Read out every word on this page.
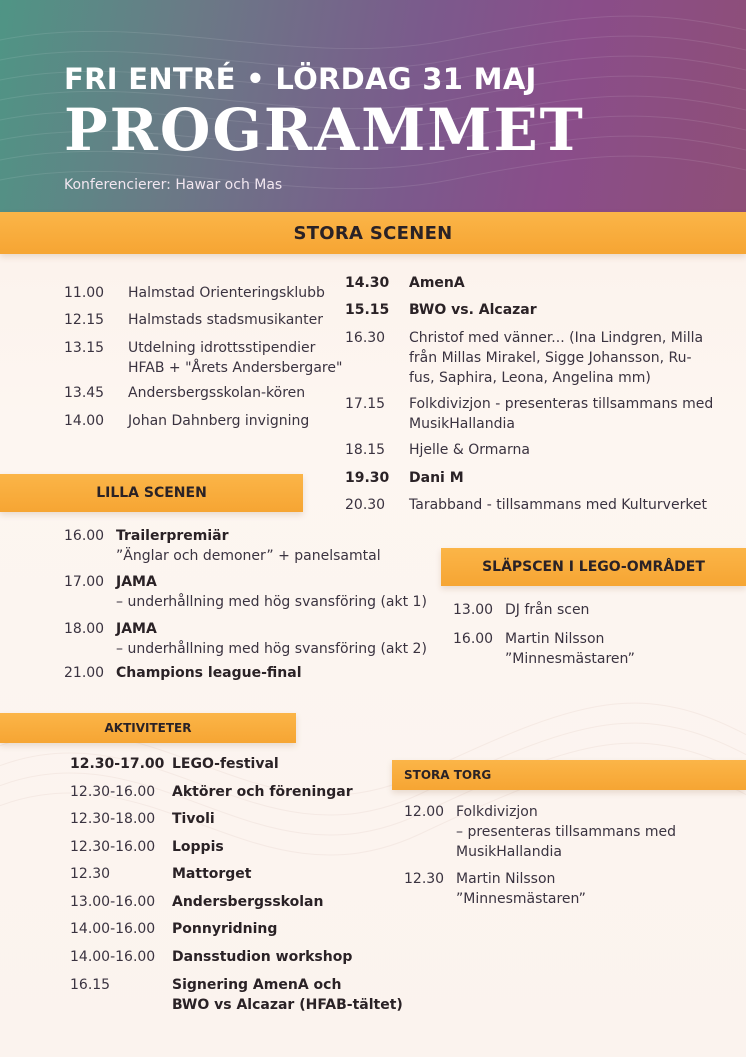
FRI ENTRÉ • LÖRDAG 31 MAJ
PROGRAMMET
Konferencierer: Hawar och Mas
STORA SCENEN
11.00	Halmstad Orienteringsklubb
12.15	Halmstads stadsmusikanter
13.15	Utdelning idrottsstipendier
HFAB + "Årets Andersbergare"
13.45	Andersbergsskolan-kören
14.00	Johan Dahnberg invigning
14.30	AmenA
15.15	BWO vs. Alcazar
16.30	Christof med vänner... (Ina Lindgren, Milla
från Millas Mirakel, Sigge Johansson, Ru-
fus, Saphira, Leona, Angelina mm)
17.15	Folkdivizjon - presenteras tillsammans med
MusikHallandia
18.15	Hjelle & Ormarna
19.30	Dani M
20.30	Tarabband - tillsammans med Kulturverket
LILLA SCENEN
16.00 Trailerpremiär
”Änglar och demoner” + panelsamtal
17.00 JAMA
– underhållning med hög svansföring (akt 1)
18.00 JAMA
– underhållning med hög svansföring (akt 2)
21.00 Champions league-final
SLÄPSCEN I LEGO-OMRÅDET
13.00 DJ från scen
16.00 Martin Nilsson
”Minnesmästaren”
AKTIVITETER
12.30-17.00 LEGO-festival
12.30-16.00	Aktörer och föreningar
12.30-18.00	Tivoli
12.30-16.00	Loppis
12.30	Mattorget
13.00-16.00	Andersbergsskolan
14.00-16.00	Ponnyridning
14.00-16.00	Dansstudion workshop
16.15	Signering AmenA och
BWO vs Alcazar (HFAB-tältet)
STORA TORG
12.00 Folkdivizjon
– presenteras tillsammans med
MusikHallandia
12.30 Martin Nilsson
”Minnesmästaren”
